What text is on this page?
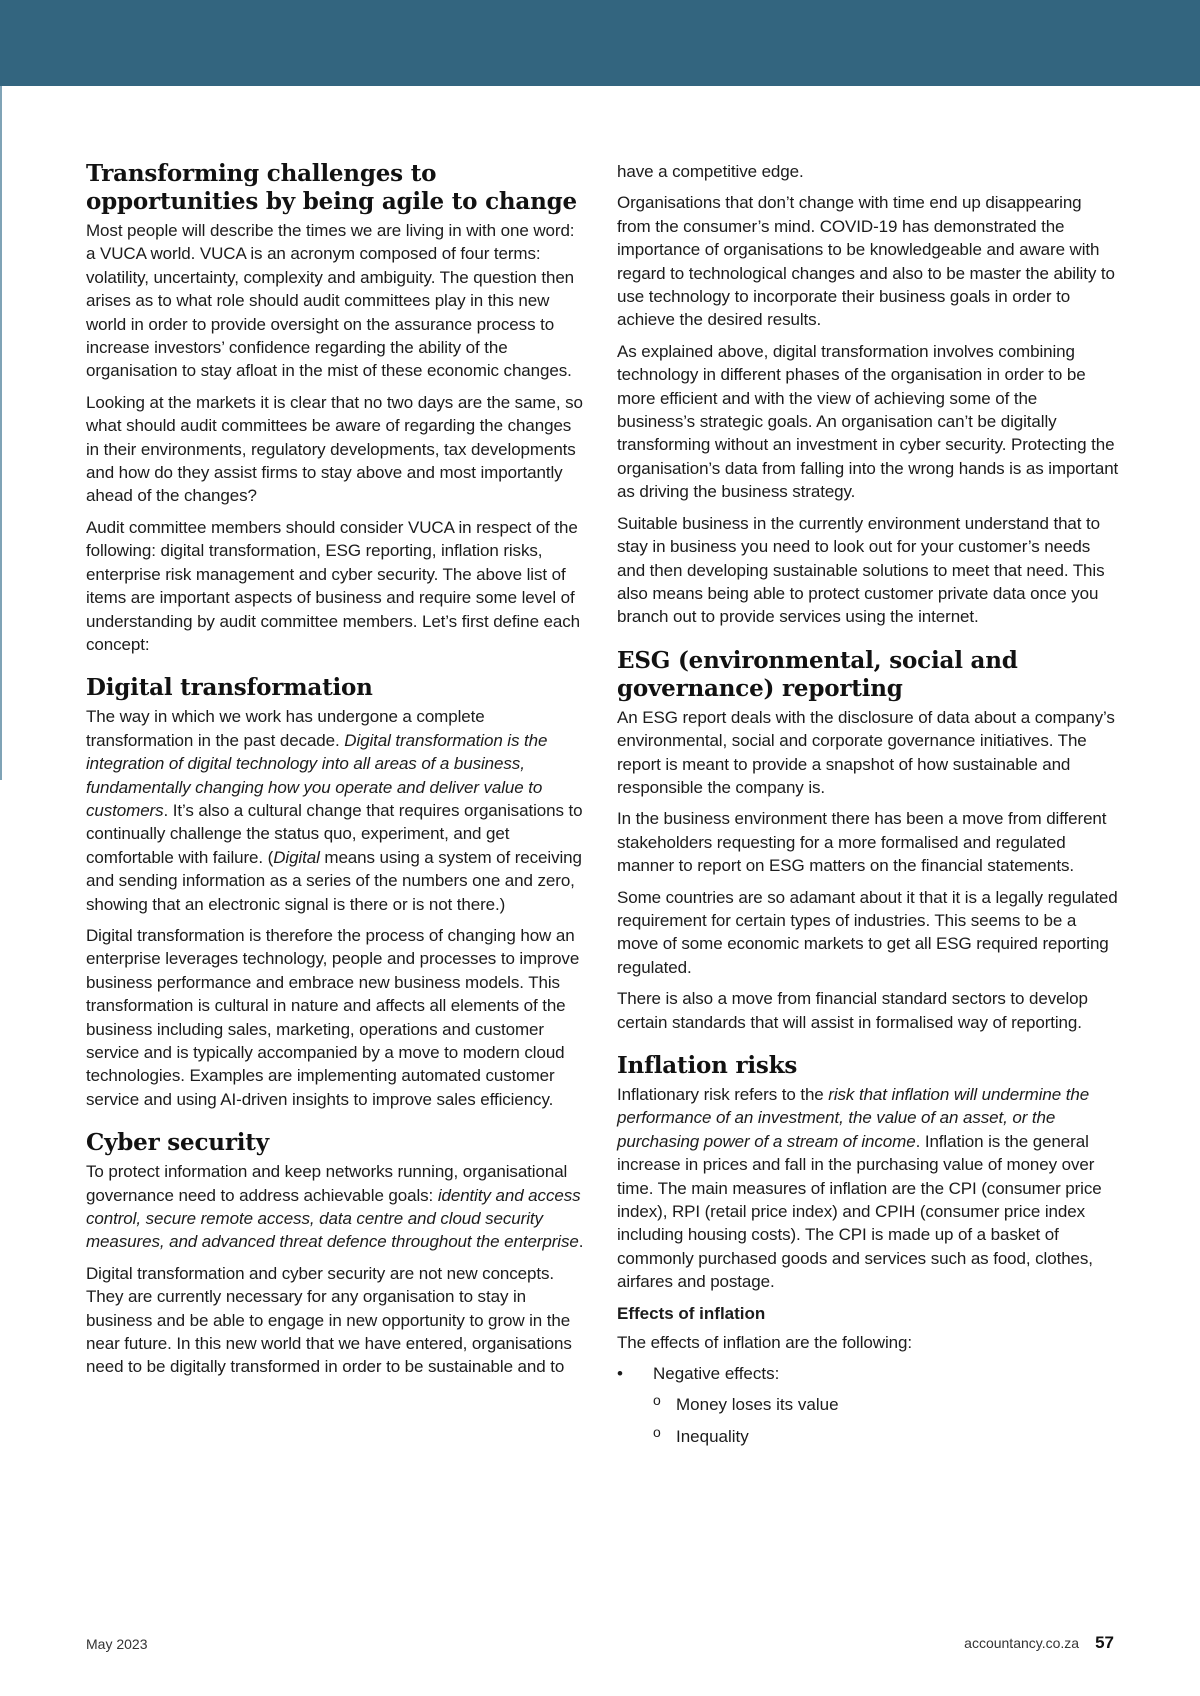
Transforming challenges to opportunities by being agile to change

Most people will describe the times we are living in with one word: a VUCA world. VUCA is an acronym composed of four terms: volatility, uncertainty, complexity and ambiguity. The question then arises as to what role should audit committees play in this new world in order to provide oversight on the assurance process to increase investors’ confidence regarding the ability of the organisation to stay afloat in the mist of these economic changes.

Looking at the markets it is clear that no two days are the same, so what should audit committees be aware of regarding the changes in their environments, regulatory developments, tax developments and how do they assist firms to stay above and most importantly ahead of the changes?

Audit committee members should consider VUCA in respect of the following: digital transformation, ESG reporting, inflation risks, enterprise risk management and cyber security. The above list of items are important aspects of business and require some level of understanding by audit committee members. Let’s first define each concept:

Digital transformation

The way in which we work has undergone a complete transformation in the past decade. Digital transformation is the integration of digital technology into all areas of a business, fundamentally changing how you operate and deliver value to customers. It’s also a cultural change that requires organisations to continually challenge the status quo, experiment, and get comfortable with failure. (Digital means using a system of receiving and sending information as a series of the numbers one and zero, showing that an electronic signal is there or is not there.)

Digital transformation is therefore the process of changing how an enterprise leverages technology, people and processes to improve business performance and embrace new business models. This transformation is cultural in nature and affects all elements of the business including sales, marketing, operations and customer service and is typically accompanied by a move to modern cloud technologies. Examples are implementing automated customer service and using AI-driven insights to improve sales efficiency.

Cyber security

To protect information and keep networks running, organisational governance need to address achievable goals: identity and access control, secure remote access, data centre and cloud security measures, and advanced threat defence throughout the enterprise.

Digital transformation and cyber security are not new concepts. They are currently necessary for any organisation to stay in business and be able to engage in new opportunity to grow in the near future. In this new world that we have entered, organisations need to be digitally transformed in order to be sustainable and to

have a competitive edge.

Organisations that don’t change with time end up disappearing from the consumer’s mind. COVID-19 has demonstrated the importance of organisations to be knowledgeable and aware with regard to technological changes and also to be master the ability to use technology to incorporate their business goals in order to achieve the desired results.

As explained above, digital transformation involves combining technology in different phases of the organisation in order to be more efficient and with the view of achieving some of the business’s strategic goals. An organisation can’t be digitally transforming without an investment in cyber security. Protecting the organisation’s data from falling into the wrong hands is as important as driving the business strategy.

Suitable business in the currently environment understand that to stay in business you need to look out for your customer’s needs and then developing sustainable solutions to meet that need. This also means being able to protect customer private data once you branch out to provide services using the internet.

ESG (environmental, social and governance) reporting

An ESG report deals with the disclosure of data about a company’s environmental, social and corporate governance initiatives. The report is meant to provide a snapshot of how sustainable and responsible the company is.

In the business environment there has been a move from different stakeholders requesting for a more formalised and regulated manner to report on ESG matters on the financial statements.

Some countries are so adamant about it that it is a legally regulated requirement for certain types of industries. This seems to be a move of some economic markets to get all ESG required reporting regulated.

There is also a move from financial standard sectors to develop certain standards that will assist in formalised way of reporting.

Inflation risks

Inflationary risk refers to the risk that inflation will undermine the performance of an investment, the value of an asset, or the purchasing power of a stream of income. Inflation is the general increase in prices and fall in the purchasing value of money over time. The main measures of inflation are the CPI (consumer price index), RPI (retail price index) and CPIH (consumer price index including housing costs). The CPI is made up of a basket of commonly purchased goods and services such as food, clothes, airfares and postage.

Effects of inflation

The effects of inflation are the following:

• Negative effects:
o Money loses its value
o Inequality
May 2023	accountancy.co.za 57
